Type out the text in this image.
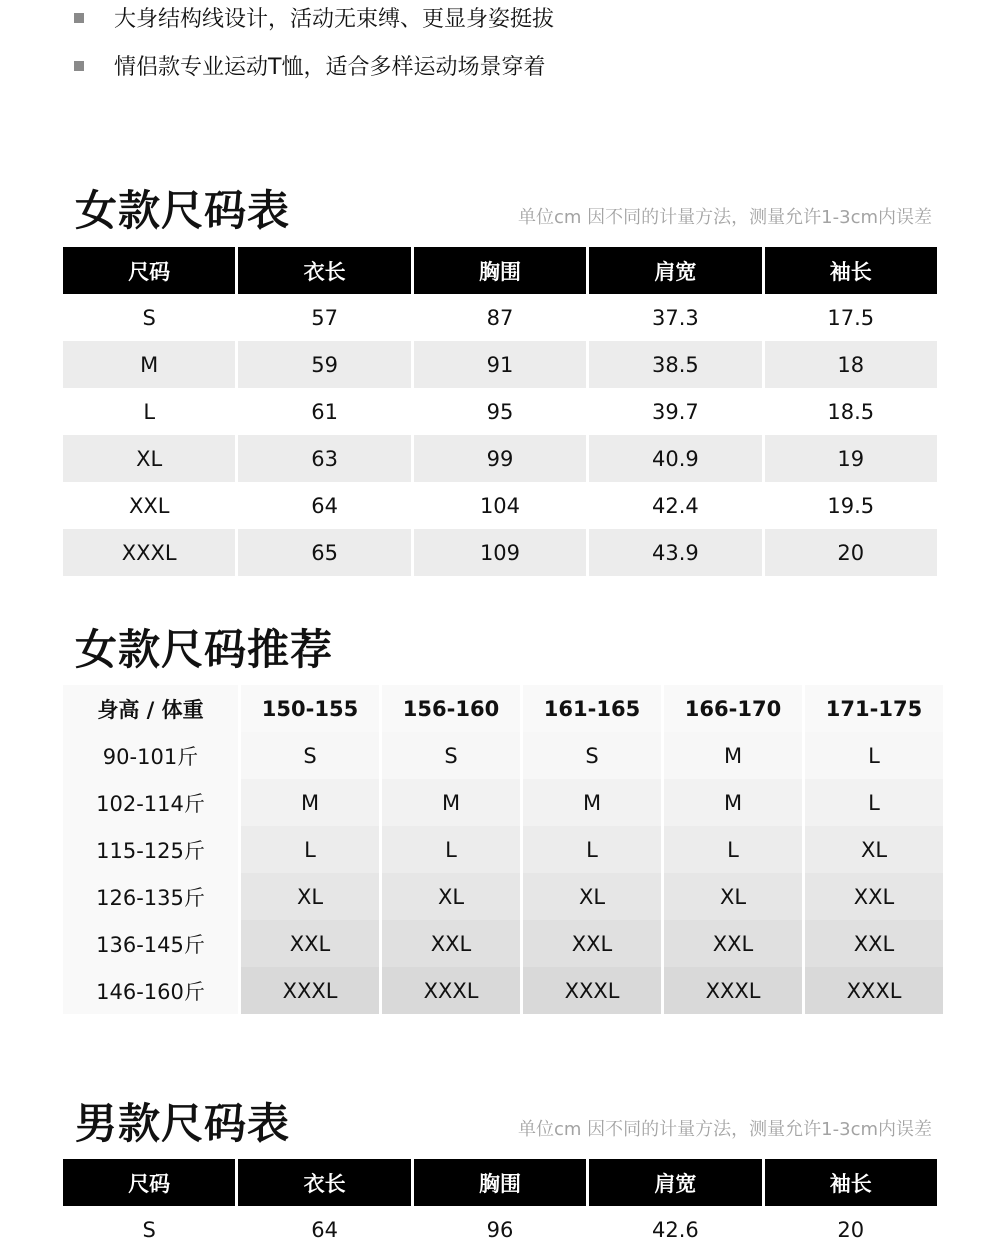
大身结构线设计，活动无束缚、更显身姿挺拔
情侣款专业运动T恤，适合多样运动场景穿着
女款尺码表	单位cm 因不同的计量方法，测量允许1-3cm内误差
尺码	衣长	胸围	肩宽	袖长
S	57	87	37.3	17.5
M	59	91	38.5	18
L	61	95	39.7	18.5
XL	63	99	40.9	19
XXL	64	104	42.4	19.5
XXXL	65	109	43.9	20
女款尺码推荐
身高 / 体重	150-155	156-160	161-165	166-170	171-175
90-101斤	S	S	S	M	L
102-114斤	M	M	M	M	L
115-125斤	L	L	L	L	XL
126-135斤	XL	XL	XL	XL	XXL
136-145斤	XXL	XXL	XXL	XXL	XXL
146-160斤	XXXL	XXXL	XXXL	XXXL	XXXL
男款尺码表	单位cm 因不同的计量方法，测量允许1-3cm内误差
尺码	衣长	胸围	肩宽	袖长
S	64	96	42.6	20
